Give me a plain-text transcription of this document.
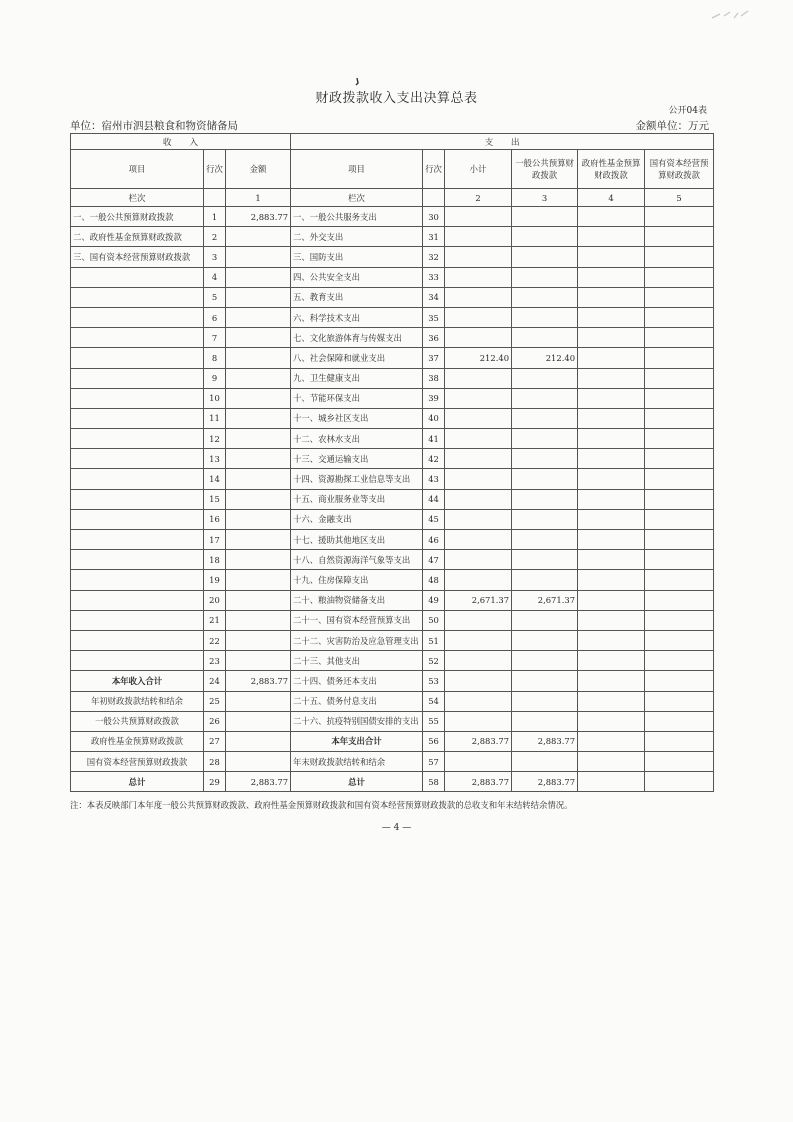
财政拨款收入支出决算总表
公开04表
单位：宿州市泗县粮食和物资储备局	金额单位：万元
收　　入			支　　出					
项目	行次	金额	项目	行次	小计	一般公共预算财政拨款	政府性基金预算财政拨款	国有资本经营预算财政拨款
栏次		1	栏次		2	3	4	5
一、一般公共预算财政拨款	1	2,883.77	一、一般公共服务支出	30				
二、政府性基金预算财政拨款	2		二、外交支出	31				
三、国有资本经营预算财政拨款	3		三、国防支出	32				
	4		四、公共安全支出	33				
	5		五、教育支出	34				
	6		六、科学技术支出	35				
	7		七、文化旅游体育与传媒支出	36				
	8		八、社会保障和就业支出	37	212.40	212.40		
	9		九、卫生健康支出	38				
	10		十、节能环保支出	39				
	11		十一、城乡社区支出	40				
	12		十二、农林水支出	41				
	13		十三、交通运输支出	42				
	14		十四、资源勘探工业信息等支出	43				
	15		十五、商业服务业等支出	44				
	16		十六、金融支出	45				
	17		十七、援助其他地区支出	46				
	18		十八、自然资源海洋气象等支出	47				
	19		十九、住房保障支出	48				
	20		二十、粮油物资储备支出	49	2,671.37	2,671.37		
	21		二十一、国有资本经营预算支出	50				
	22		二十二、灾害防治及应急管理支出	51				
	23		二十三、其他支出	52				
本年收入合计	24	2,883.77	二十四、债务还本支出	53				
年初财政拨款结转和结余	25		二十五、债务付息支出	54				
一般公共预算财政拨款	26		二十六、抗疫特别国债安排的支出	55				
政府性基金预算财政拨款	27		本年支出合计	56	2,883.77	2,883.77		
国有资本经营预算财政拨款	28		年末财政拨款结转和结余	57				
总计	29	2,883.77	总计	58	2,883.77	2,883.77		
注：本表反映部门本年度一般公共预算财政拨款、政府性基金预算财政拨款和国有资本经营预算财政拨款的总收支和年末结转结余情况。
— 4 —
